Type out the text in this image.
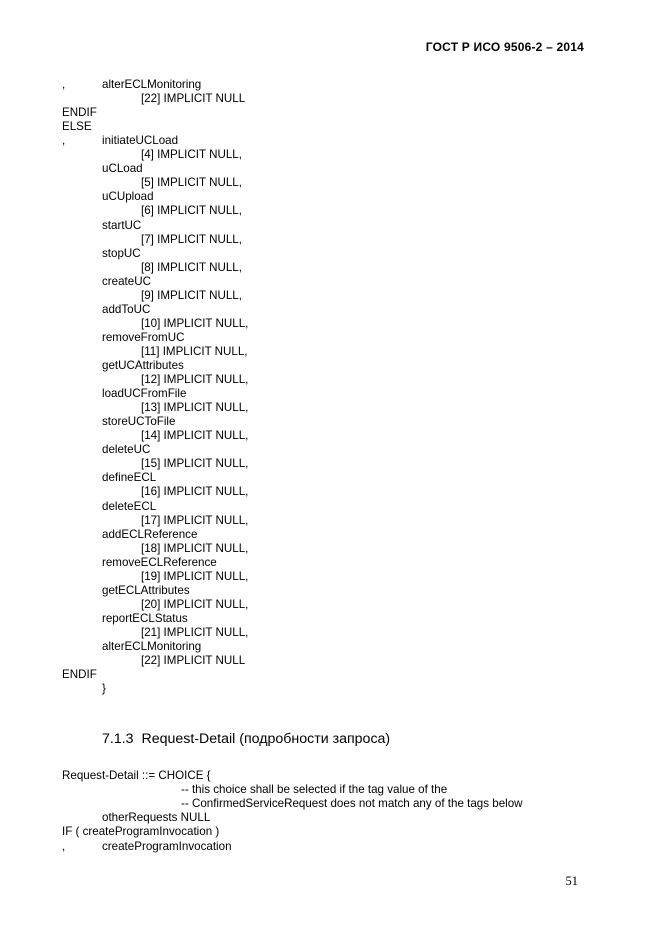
ГОСТ Р ИСО 9506-2 – 2014
,	alterECLMonitoring
[22] IMPLICIT NULL
ENDIF
ELSE
,	initiateUCLoad
[4] IMPLICIT NULL,
uCLoad
[5] IMPLICIT NULL,
uCUpload
[6] IMPLICIT NULL,
startUC
[7] IMPLICIT NULL,
stopUC
[8] IMPLICIT NULL,
createUC
[9] IMPLICIT NULL,
addToUC
[10] IMPLICIT NULL,
removeFromUC
[11] IMPLICIT NULL,
getUCAttributes
[12] IMPLICIT NULL,
loadUCFromFile
[13] IMPLICIT NULL,
storeUCToFile
[14] IMPLICIT NULL,
deleteUC
[15] IMPLICIT NULL,
defineECL
[16] IMPLICIT NULL,
deleteECL
[17] IMPLICIT NULL,
addECLReference
[18] IMPLICIT NULL,
removeECLReference
[19] IMPLICIT NULL,
getECLAttributes
[20] IMPLICIT NULL,
reportECLStatus
[21] IMPLICIT NULL,
alterECLMonitoring
[22] IMPLICIT NULL
ENDIF
}
7.1.3 Request-Detail (подробности запроса)
Request-Detail ::= CHOICE {
-- this choice shall be selected if the tag value of the
-- ConfirmedServiceRequest does not match any of the tags below
otherRequests NULL
IF ( createProgramInvocation )
,	createProgramInvocation
51
